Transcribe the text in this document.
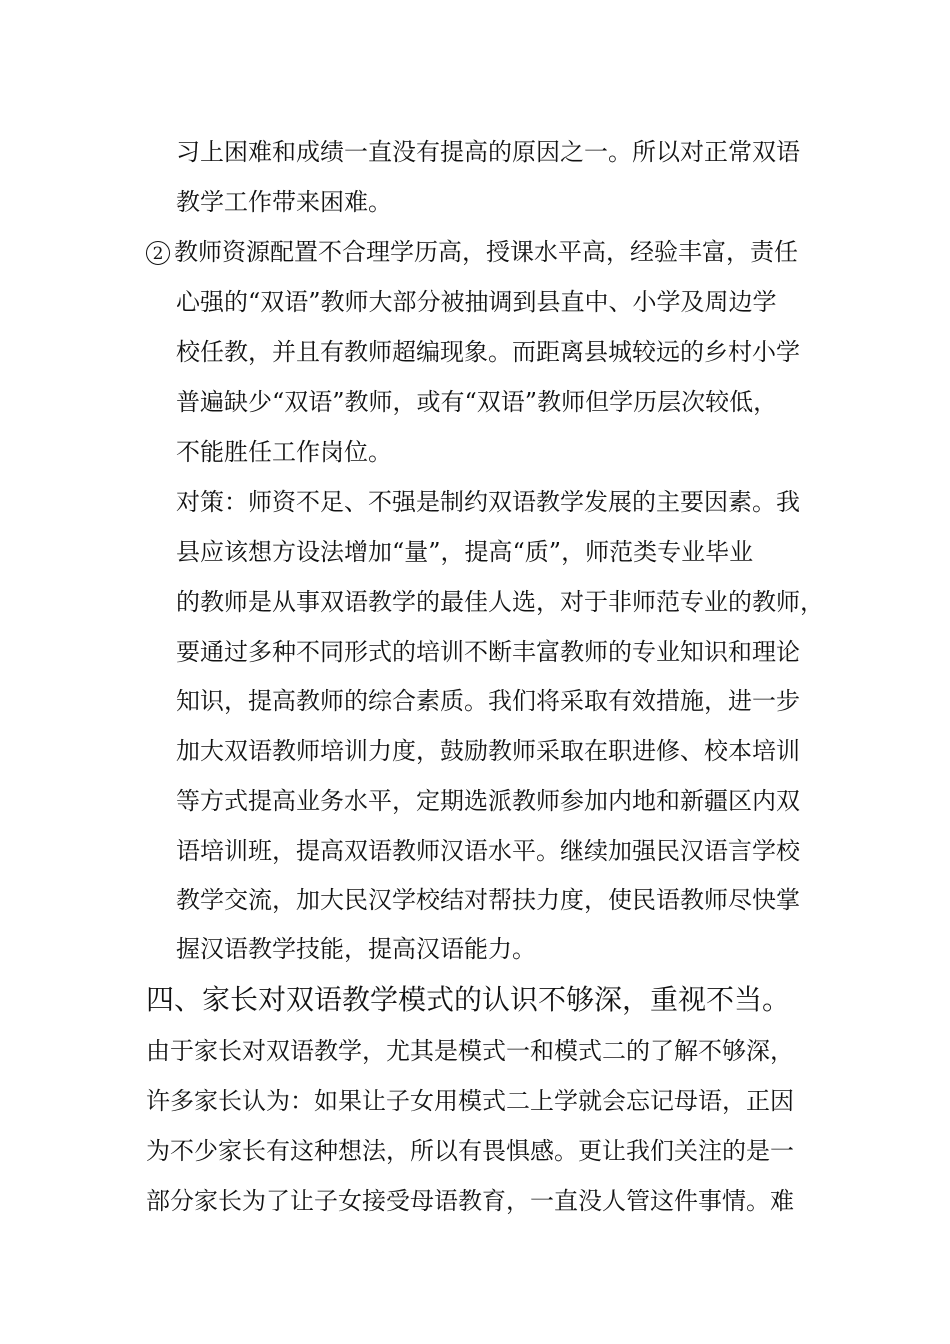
习上困难和成绩一直没有提高的原因之一。所以对正常双语
教学工作带来困难。
2 教师资源配置不合理学历高，授课水平高，经验丰富，责任
心强的“双语”教师大部分被抽调到县直中、小学及周边学
校任教，并且有教师超编现象。而距离县城较远的乡村小学
普遍缺少“双语”教师，或有“双语”教师但学历层次较低，
不能胜任工作岗位。
对策：师资不足、不强是制约双语教学发展的主要因素。我
县应该想方设法增加“量”，提高“质”，师范类专业毕业
的教师是从事双语教学的最佳人选，对于非师范专业的教师，
要通过多种不同形式的培训不断丰富教师的专业知识和理论
知识，提高教师的综合素质。我们将采取有效措施，进一步
加大双语教师培训力度，鼓励教师采取在职进修、校本培训
等方式提高业务水平，定期选派教师参加内地和新疆区内双
语培训班，提高双语教师汉语水平。继续加强民汉语言学校
教学交流，加大民汉学校结对帮扶力度，使民语教师尽快掌
握汉语教学技能，提高汉语能力。
四、家长对双语教学模式的认识不够深，重视不当。
由于家长对双语教学，尤其是模式一和模式二的了解不够深，
许多家长认为：如果让子女用模式二上学就会忘记母语，正因
为不少家长有这种想法，所以有畏惧感。更让我们关注的是一
部分家长为了让子女接受母语教育，一直没人管这件事情。难
